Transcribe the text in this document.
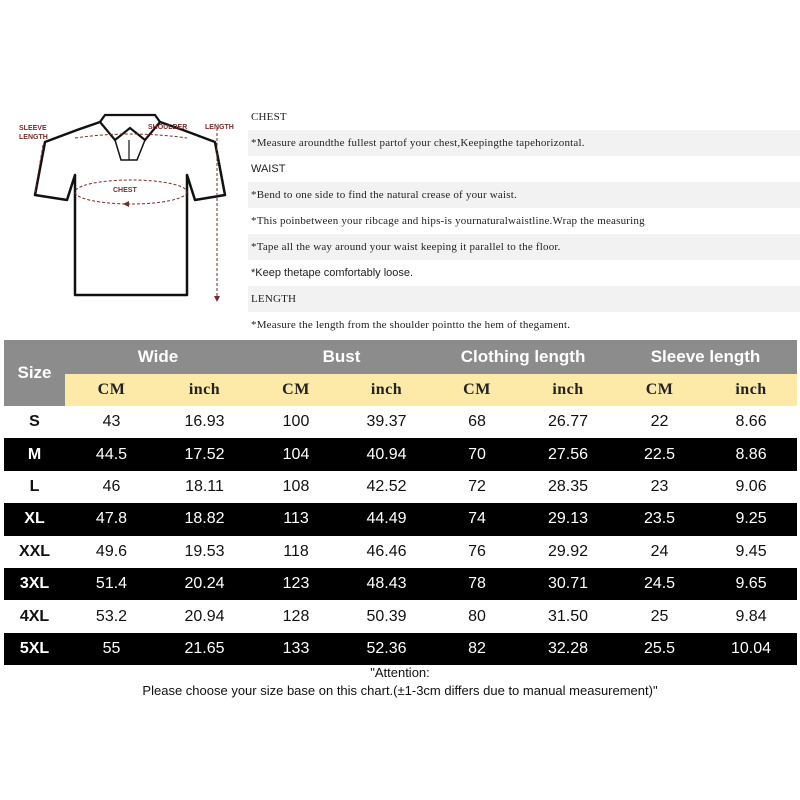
SLEEVE LENGTH
SHOULDER	LENGTH
CHEST
CHEST
*Measure aroundthe fullest partof your chest,Keepingthe tapehorizontal.
WAIST
*Bend to one side to find the natural crease of your waist.
*This poinbetween your ribcage and hips-is yournaturalwaistline.Wrap the measuring
*Tape all the way around your waist keeping it parallel to the floor.
*Keep thetape comfortably loose.
LENGTH
*Measure the length from the shoulder pointto the hem of thegament.
Size	Wide		Bust		Clothing length		Sleeve length	
	CM	inch	CM	inch	CM	inch	CM	inch
S	43	16.93	100	39.37	68	26.77	22	8.66
M	44.5	17.52	104	40.94	70	27.56	22.5	8.86
L	46	18.11	108	42.52	72	28.35	23	9.06
XL	47.8	18.82	113	44.49	74	29.13	23.5	9.25
XXL	49.6	19.53	118	46.46	76	29.92	24	9.45
3XL	51.4	20.24	123	48.43	78	30.71	24.5	9.65
4XL	53.2	20.94	128	50.39	80	31.50	25	9.84
5XL	55	21.65	133	52.36	82	32.28	25.5	10.04
"Attention:
Please choose your size base on this chart.(±1-3cm differs due to manual measurement)"
